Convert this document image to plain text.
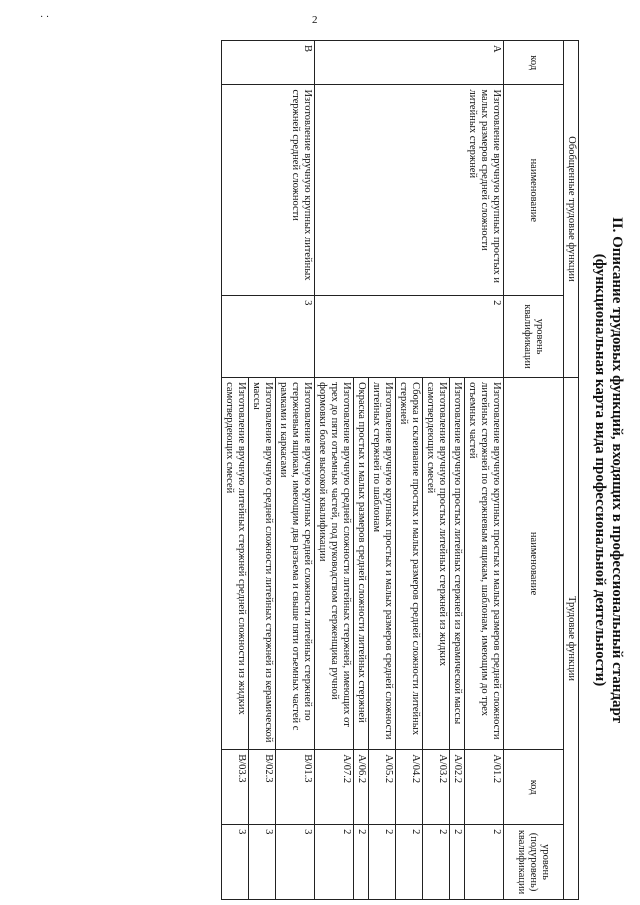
2
· ·
II. Описание трудовых функций, входящих в профессиональный стандарт
(функциональная карта вида профессиональной деятельности)
Обобщенные трудовые функции			Трудовые функции		
код	наименование	уровень квалификации	наименование	код	уровень (подуровень) квалификации
А	Изготовление вручную крупных простых и малых размеров средней сложности литейных стержней	2	Изготовление вручную крупных простых и малых размеров средней сложности литейных стержней по стержневым ящикам, шаблонам, имеющим до трех отъемных частей	A/01.2	2
			Изготовление вручную простых литейных стержней из керамической массы	A/02.2	2
			Изготовление вручную простых литейных стержней из жидких самотвердеющих смесей	A/03.2	2
			Сборка и склеивание простых и малых размеров средней сложности литейных стержней	A/04.2	2
			Изготовление вручную крупных простых и малых размеров средней сложности литейных стержней по шаблонам	A/05.2	2
			Окраска простых и малых размеров средней сложности литейных стержней	A/06.2	2
			Изготовление вручную средней сложности литейных стержней, имеющих от трех до пяти отъемных частей, под руководством стерженщика ручной формовки более высокой квалификации	A/07.2	2
В	Изготовление вручную крупных литейных стержней средней сложности	3	Изготовление вручную крупных средней сложности литейных стержней по стержневым ящикам, имеющим два разъема и свыше пяти отъемных частей с рамками и каркасами	B/01.3	3
			Изготовление вручную средней сложности литейных стержней из керамической массы	B/02.3	3
			Изготовление вручную литейных стержней средней сложности из жидких самотвердеющих смесей	B/03.3	3
